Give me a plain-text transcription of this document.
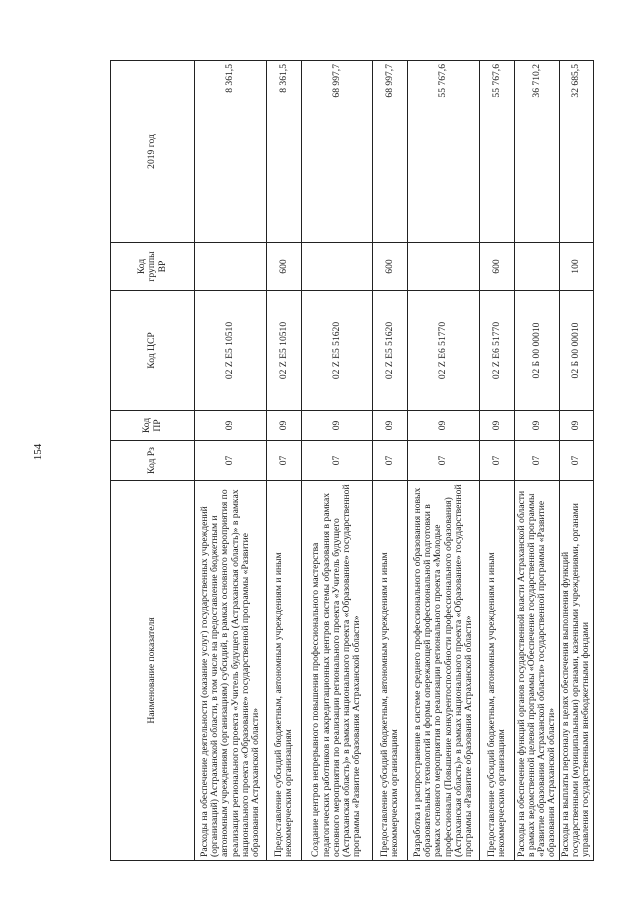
154
Наименование показателя	Код Рз	Код ПР	Код ЦСР	Код группы ВР	2019 год
Расходы на обеспечение деятельности (оказание услуг) государственных учреждений (организаций) Астраханской области, в том числе на предоставление бюджетным и автономным учреждениям (организациям) субсидий, в рамках основного мероприятия по реализации регионального проекта «Учитель будущего (Астраханская область)» в рамках национального проекта «Образование» государственной программы «Развитие образования Астраханской области»	07	09	02 Z E5 10510		8 361,5
Предоставление субсидий бюджетным, автономным учреждениям и иным некоммерческим организациям	07	09	02 Z E5 10510	600	8 361,5
Создание центров непрерывного повышения профессионального мастерства педагогических работников и аккредитационных центров системы образования в рамках основного мероприятия по реализации регионального проекта «Учитель будущего (Астраханская область)» в рамках национального проекта «Образование» государственной программы «Развитие образования Астраханской области»	07	09	02 Z E5 51620		68 997,7
Предоставление субсидий бюджетным, автономным учреждениям и иным некоммерческим организациям	07	09	02 Z E5 51620	600	68 997,7
Разработка и распространение в системе среднего профессионального образования новых образовательных технологий и формы опережающей профессиональной подготовки в рамках основного мероприятия по реализации регионального проекта «Молодые профессионалы (Повышение конкурентоспособности профессионального образования) (Астраханская область)» в рамках национального проекта «Образование» государственной программы «Развитие образования Астраханской области»	07	09	02 Z E6 51770		55 767,6
Предоставление субсидий бюджетным, автономным учреждениям и иным некоммерческим организациям	07	09	02 Z E6 51770	600	55 767,6
Расходы на обеспечение функций органов государственной власти Астраханской области в рамках ведомственной целевой программы «Обеспечение государственной программы «Развитие образования Астраханской области» государственной программы «Развитие образования Астраханской области»	07	09	02 Б 00 00010		36 710,2
Расходы на выплаты персоналу в целях обеспечения выполнения функций государственными (муниципальными) органами, казенными учреждениями, органами управления государственными внебюджетными фондами	07	09	02 Б 00 00010	100	32 685,5
